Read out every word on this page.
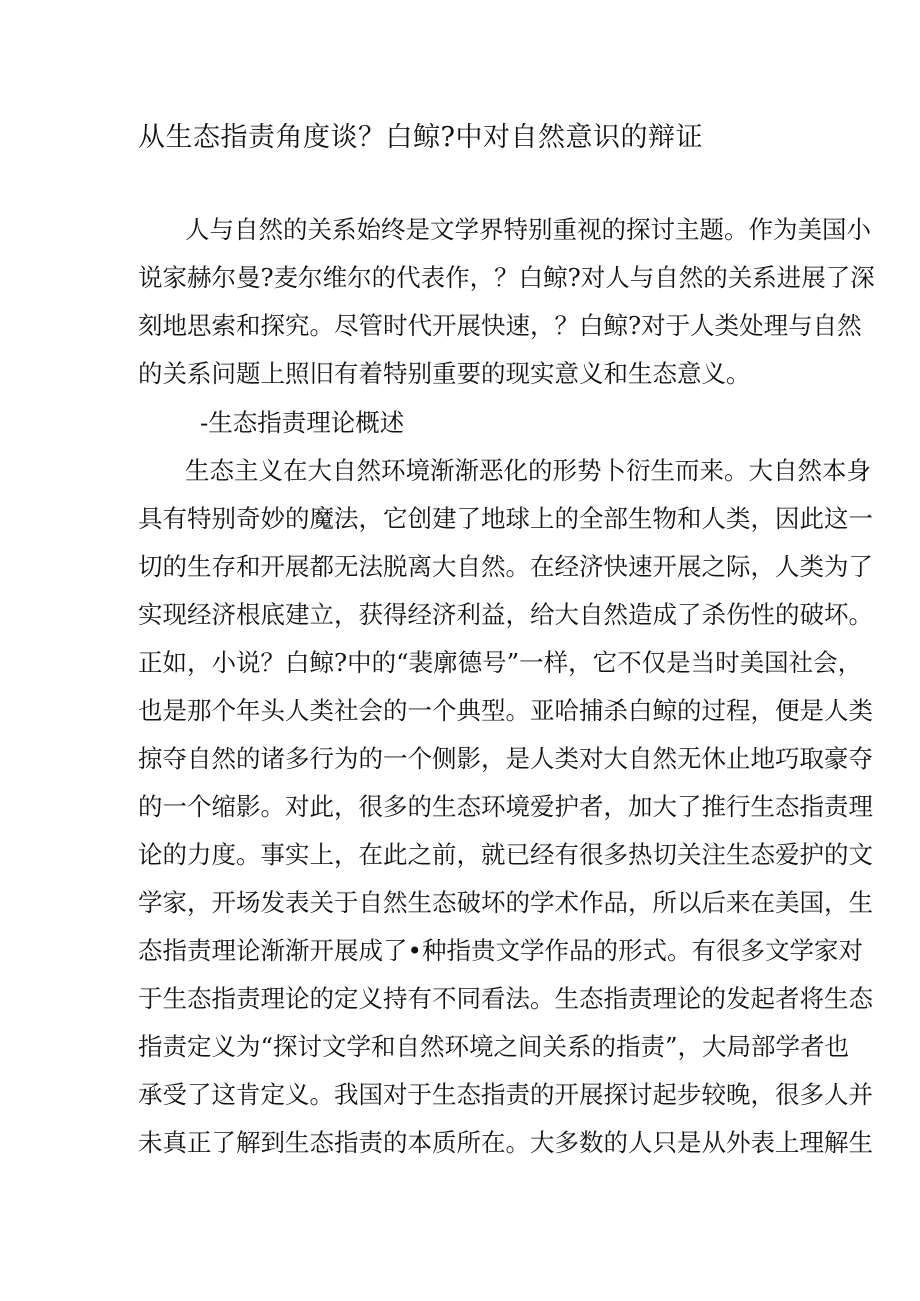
从生态指责角度谈？白鲸?中对自然意识的辩证

人与自然的关系始终是文学界特别重视的探讨主题。作为美国小

说家赫尔曼?麦尔维尔的代表作，？白鲸?对人与自然的关系进展了深

刻地思索和探究。尽管时代开展快速，？白鲸?对于人类处理与自然

的关系问题上照旧有着特别重要的现实意义和生态意义。

-生态指责理论概述

生态主义在大自然环境渐渐恶化的形势卜衍生而来。大自然本身

具有特别奇妙的魔法，它创建了地球上的全部生物和人类，因此这一

切的生存和开展都无法脱离大自然。在经济快速开展之际，人类为了

实现经济根底建立，获得经济利益，给大自然造成了杀伤性的破坏。

正如，小说？白鲸?中的“裴廓德号”一样，它不仅是当时美国社会，

也是那个年头人类社会的一个典型。亚哈捕杀白鲸的过程，便是人类

掠夺自然的诸多行为的一个侧影，是人类对大自然无休止地巧取豪夺

的一个缩影。对此，很多的生态环境爱护者，加大了推行生态指责理

论的力度。事实上，在此之前，就已经有很多热切关注生态爱护的文

学家，开场发表关于自然生态破坏的学术作品，所以后来在美国，生

态指责理论渐渐开展成了•种指贵文学作品的形式。有很多文学家对

于生态指责理论的定义持有不同看法。生态指责理论的发起者将生态

指责定义为“探讨文学和自然环境之间关系的指责”，大局部学者也

承受了这肯定义。我国对于生态指责的开展探讨起步较晚，很多人并

未真正了解到生态指责的本质所在。大多数的人只是从外表上理解生
